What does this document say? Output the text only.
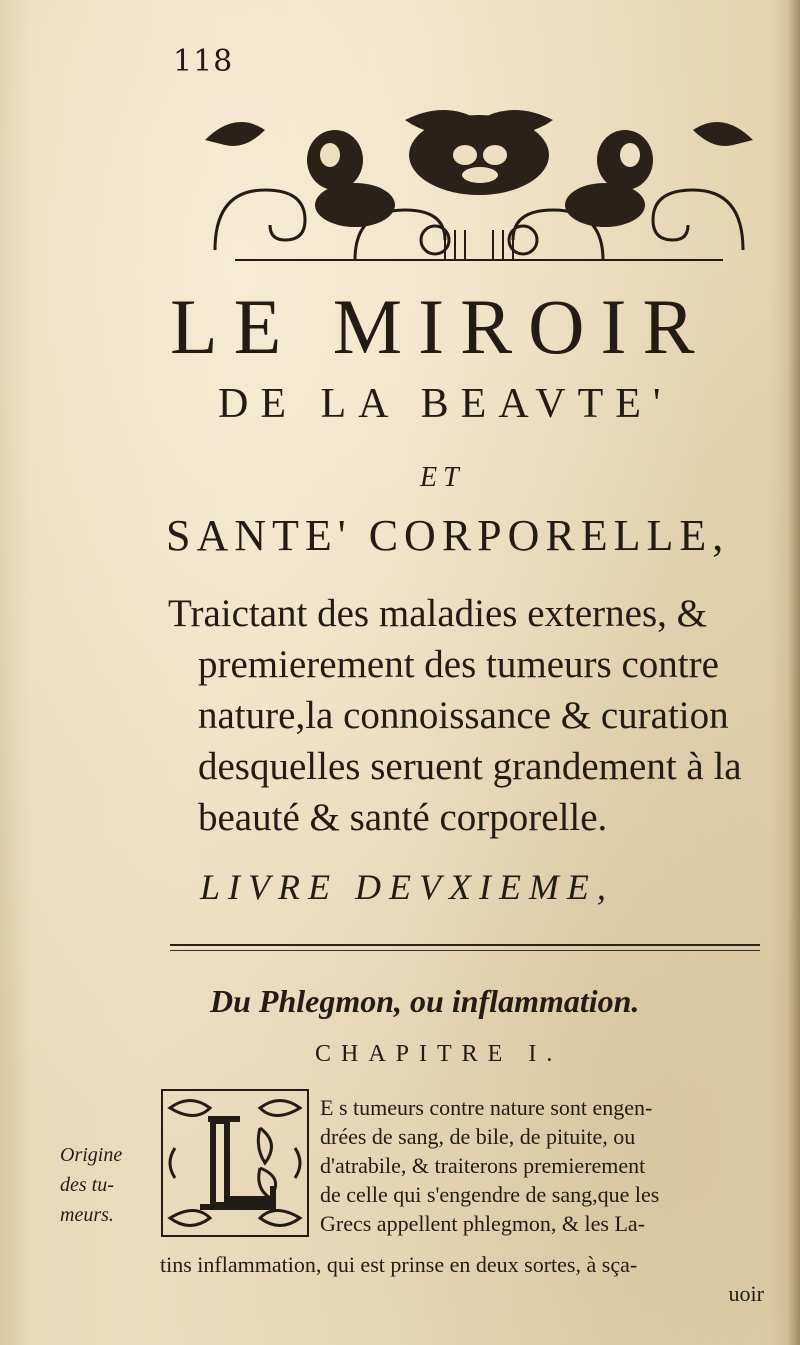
118
LE MIROIR
DE LA BEAVTE'
ET
SANTE' CORPORELLE,
Traictant des maladies externes, &
premierement des tumeurs contre
nature,la connoissance & curation
desquelles seruent grandement à la
beauté & santé corporelle.
LIVRE DEVXIEME,
Du Phlegmon, ou inflammation.
CHAPITRE I.
Origine
des tu-
meurs.
E s tumeurs contre nature sont engen-
drées de sang, de bile, de pituite, ou
d'atrabile, & traiterons premierement
de celle qui s'engendre de sang,que les
Grecs appellent phlegmon, & les La-
tins inflammation, qui est prinse en deux sortes, à sça-
uoir
